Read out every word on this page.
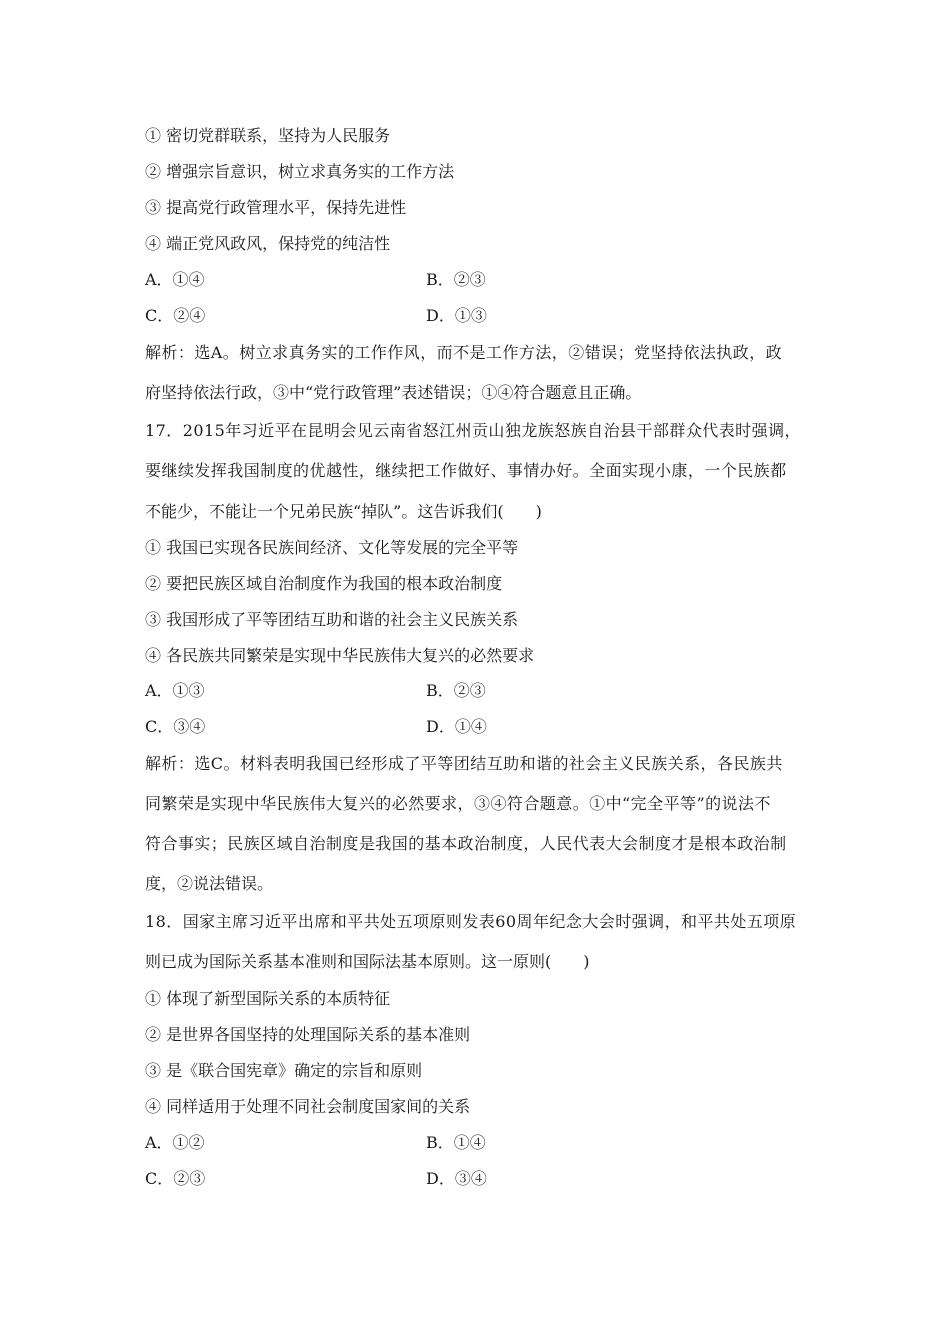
① 密切党群联系，坚持为人民服务
② 增强宗旨意识，树立求真务实的工作方法
③ 提高党行政管理水平，保持先进性
④ 端正党风政风，保持党的纯洁性
A．①④	B．②③
C．②④	D．①③
解析：选A。树立求真务实的工作作风，而不是工作方法，②错误；党坚持依法执政，政
府坚持依法行政，③中“党行政管理”表述错误；①④符合题意且正确。
17．2015年习近平在昆明会见云南省怒江州贡山独龙族怒族自治县干部群众代表时强调，
要继续发挥我国制度的优越性，继续把工作做好、事情办好。全面实现小康，一个民族都
不能少，不能让一个兄弟民族“掉队”。这告诉我们(　　)
① 我国已实现各民族间经济、文化等发展的完全平等
② 要把民族区域自治制度作为我国的根本政治制度
③ 我国形成了平等团结互助和谐的社会主义民族关系
④ 各民族共同繁荣是实现中华民族伟大复兴的必然要求
A．①③	B．②③
C．③④	D．①④
解析：选C。材料表明我国已经形成了平等团结互助和谐的社会主义民族关系，各民族共
同繁荣是实现中华民族伟大复兴的必然要求，③④符合题意。①中“完全平等”的说法不
符合事实；民族区域自治制度是我国的基本政治制度，人民代表大会制度才是根本政治制
度，②说法错误。
18．国家主席习近平出席和平共处五项原则发表60周年纪念大会时强调，和平共处五项原
则已成为国际关系基本准则和国际法基本原则。这一原则(　　)
① 体现了新型国际关系的本质特征
② 是世界各国坚持的处理国际关系的基本准则
③ 是《联合国宪章》确定的宗旨和原则
④ 同样适用于处理不同社会制度国家间的关系
A．①②	B．①④
C．②③	D．③④
